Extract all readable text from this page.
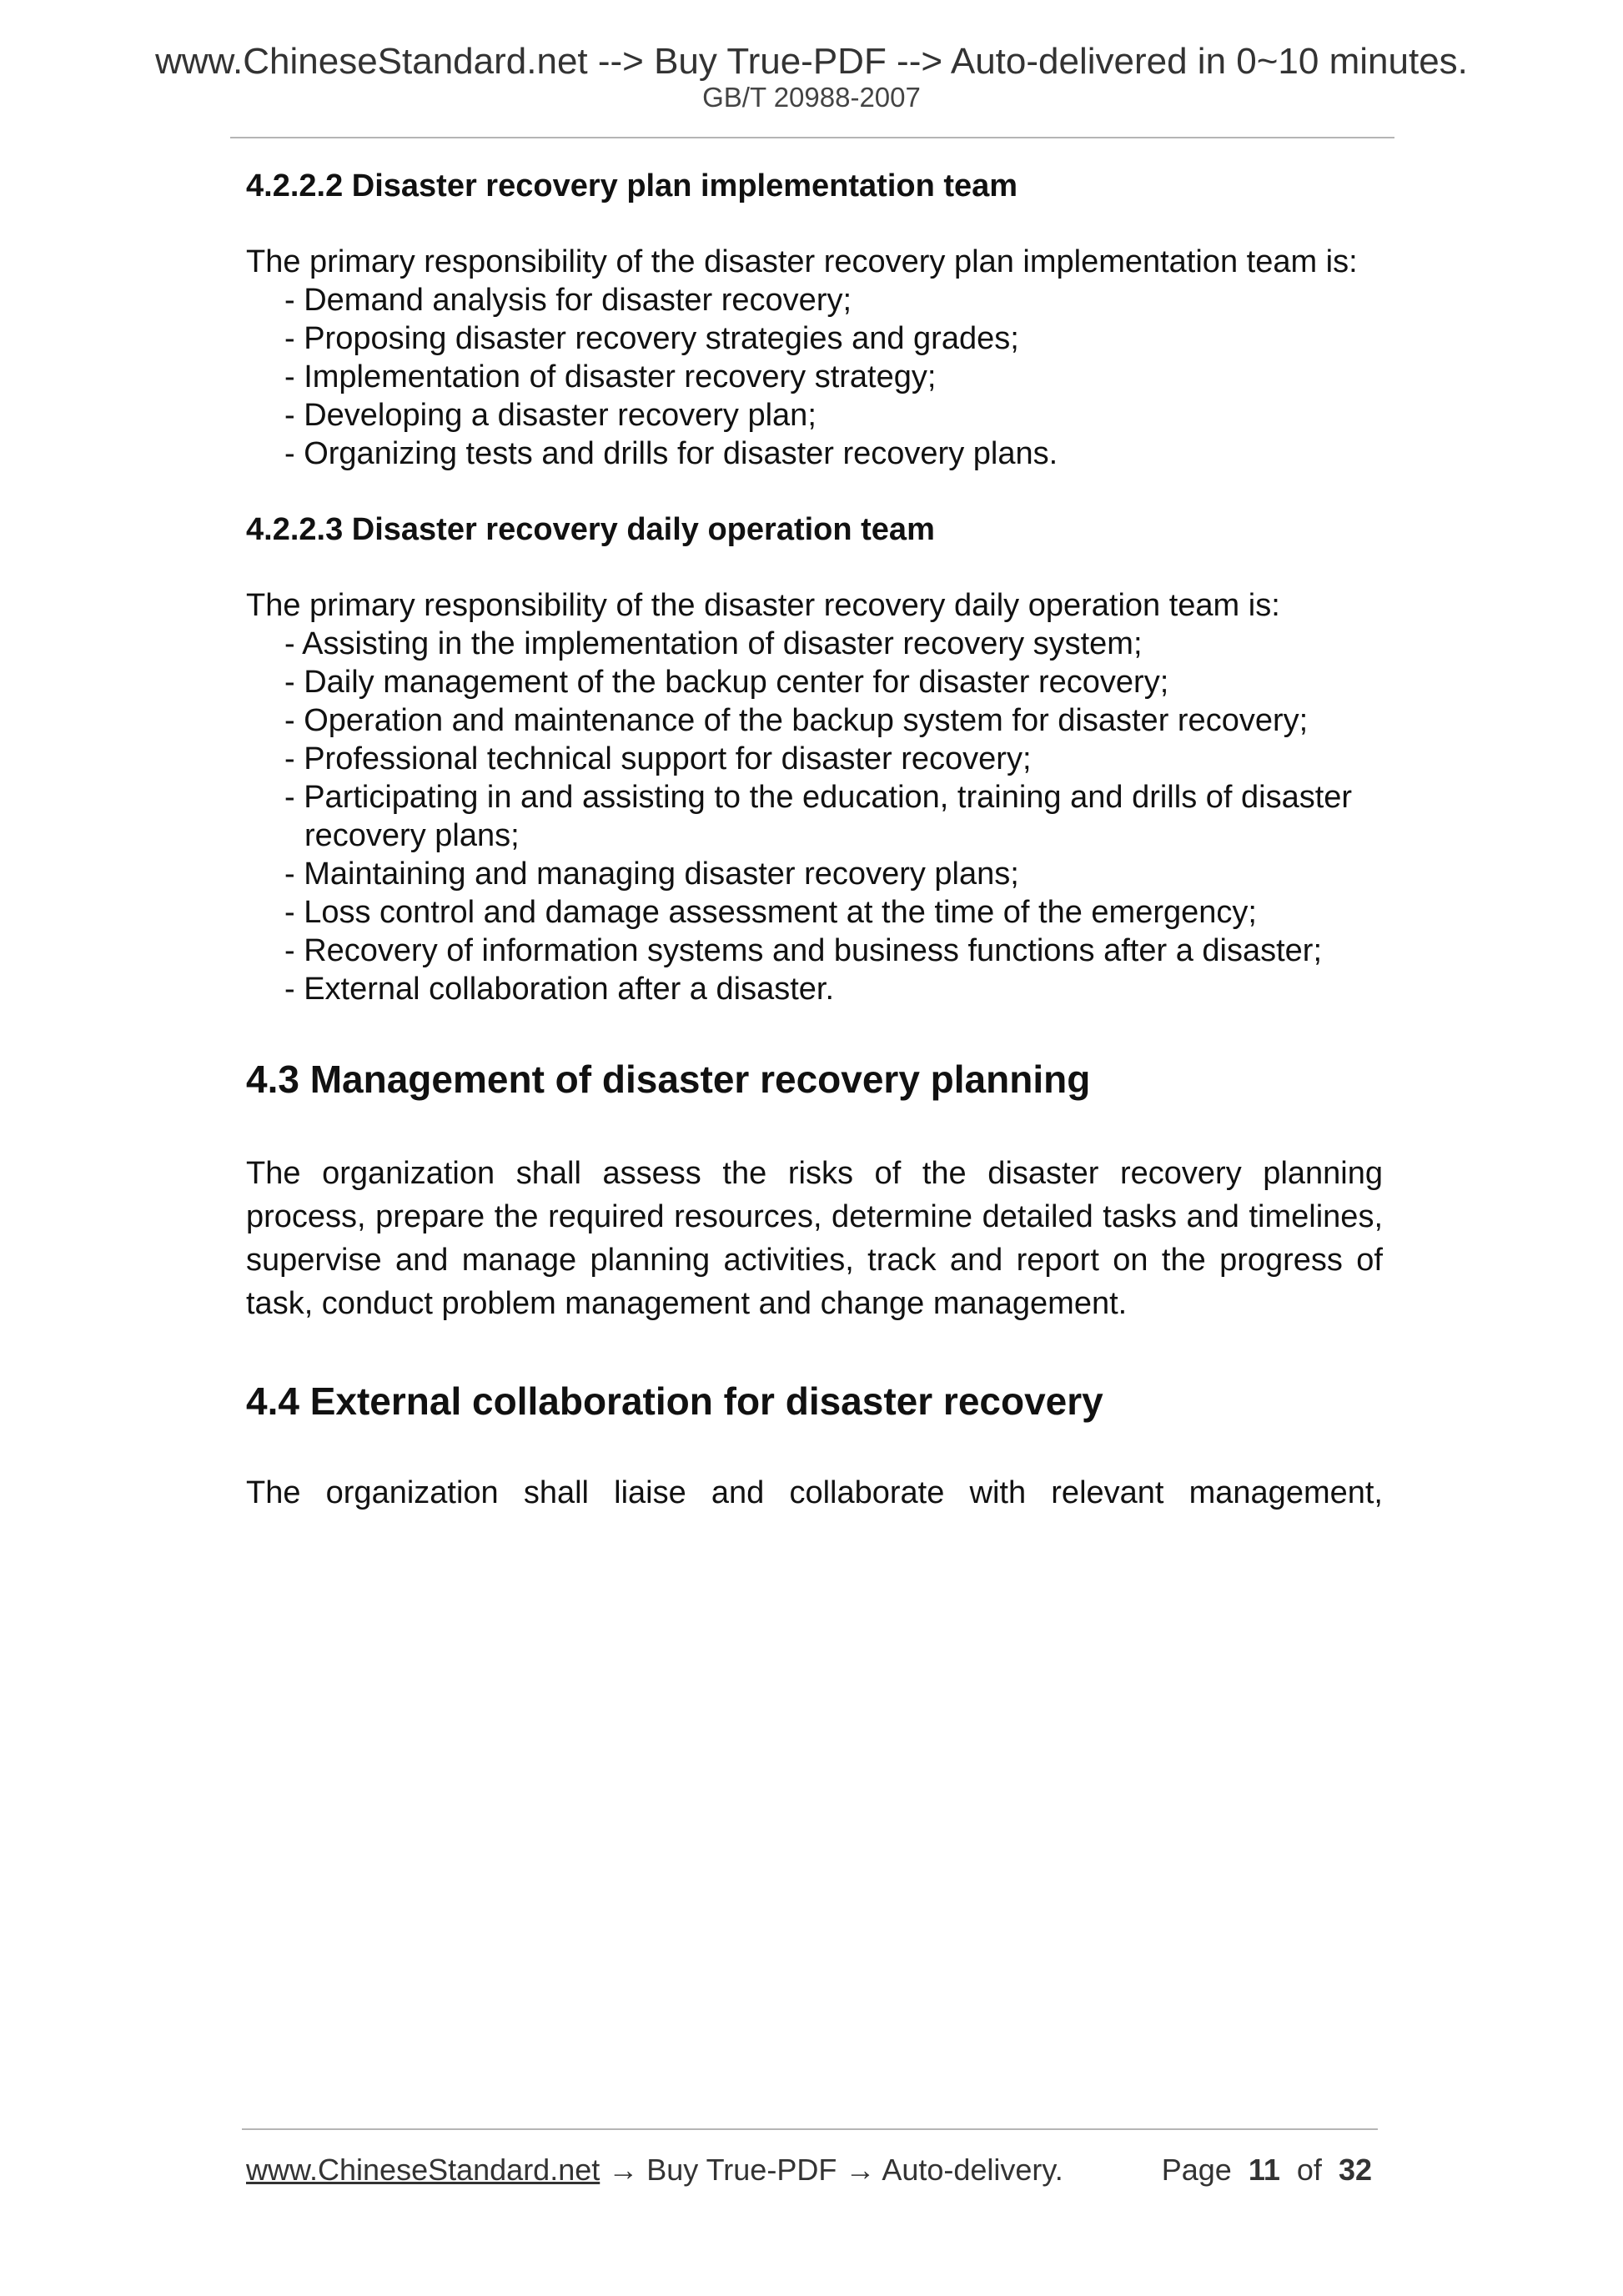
www.ChineseStandard.net --> Buy True-PDF --> Auto-delivered in 0~10 minutes.
GB/T 20988-2007

4.2.2.2 Disaster recovery plan implementation team

The primary responsibility of the disaster recovery plan implementation team is:

- Demand analysis for disaster recovery;
- Proposing disaster recovery strategies and grades;
- Implementation of disaster recovery strategy;
- Developing a disaster recovery plan;
- Organizing tests and drills for disaster recovery plans.

4.2.2.3 Disaster recovery daily operation team

The primary responsibility of the disaster recovery daily operation team is:

- Assisting in the implementation of disaster recovery system;
- Daily management of the backup center for disaster recovery;
- Operation and maintenance of the backup system for disaster recovery;
- Professional technical support for disaster recovery;
- Participating in and assisting to the education, training and drills of disaster recovery plans;
- Maintaining and managing disaster recovery plans;
- Loss control and damage assessment at the time of the emergency;
- Recovery of information systems and business functions after a disaster;
- External collaboration after a disaster.

4.3 Management of disaster recovery planning

The organization shall assess the risks of the disaster recovery planning process, prepare the required resources, determine detailed tasks and timelines, supervise and manage planning activities, track and report on the progress of task, conduct problem management and change management.

4.4 External collaboration for disaster recovery

The organization shall liaise and collaborate with relevant management,

www.ChineseStandard.net → Buy True-PDF → Auto-delivery.	Page 11 of 32
